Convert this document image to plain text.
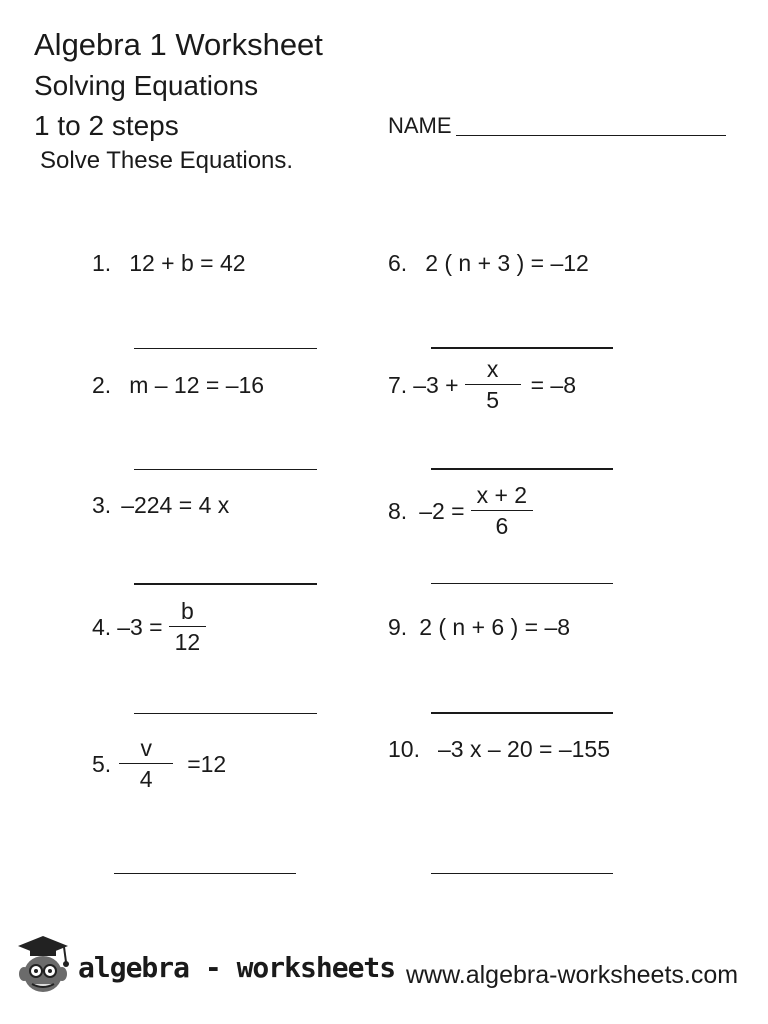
Algebra 1 Worksheet
Solving Equations
1 to 2 steps
Solve These Equations.
NAME
1. 12 + b = 42
2. m – 12 = –16
3. –224 = 4 x
4. $-3 = \frac{b}{12}$
5. $\frac{v}{4} =12$
6. 2 ( n + 3 ) = –12
7. $-3 + \frac{x}{5} = -8$
8. $-2 = \frac{x + 2}{6}$
9. 2 ( n + 6 ) = –8
10. –3 x – 20 = –155
algebra - worksheets www.algebra-worksheets.com
